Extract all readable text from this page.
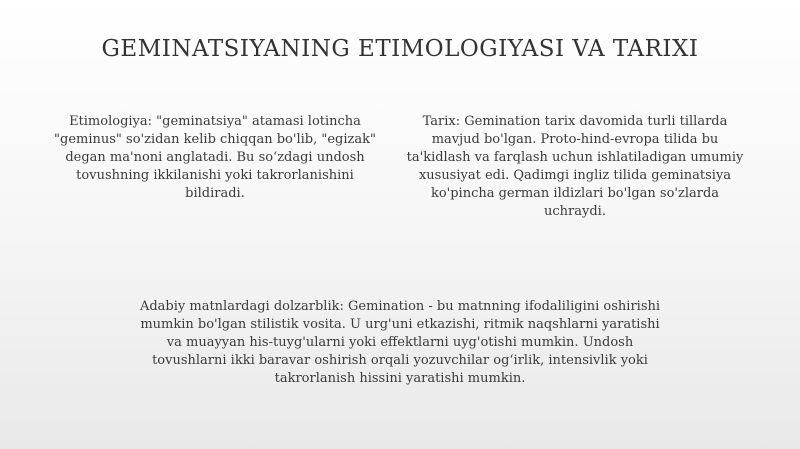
GEMINATSIYANING ETIMOLOGIYASI VA TARIXI
Etimologiya: "geminatsiya" atamasi lotincha "geminus" so'zidan kelib chiqqan bo'lib, "egizak" degan ma'noni anglatadi. Bu so‘zdagi undosh tovushning ikkilanishi yoki takrorlanishini bildiradi.
Tarix: Gemination tarix davomida turli tillarda mavjud bo'lgan. Proto-hind-evropa tilida bu ta'kidlash va farqlash uchun ishlatiladigan umumiy xususiyat edi. Qadimgi ingliz tilida geminatsiya ko'pincha german ildizlari bo'lgan so'zlarda uchraydi.
Adabiy matnlardagi dolzarblik: Gemination - bu matnning ifodaliligini oshirishi mumkin bo'lgan stilistik vosita. U urg'uni etkazishi, ritmik naqshlarni yaratishi va muayyan his-tuyg'ularni yoki effektlarni uyg'otishi mumkin. Undosh tovushlarni ikki baravar oshirish orqali yozuvchilar og‘irlik, intensivlik yoki takrorlanish hissini yaratishi mumkin.
